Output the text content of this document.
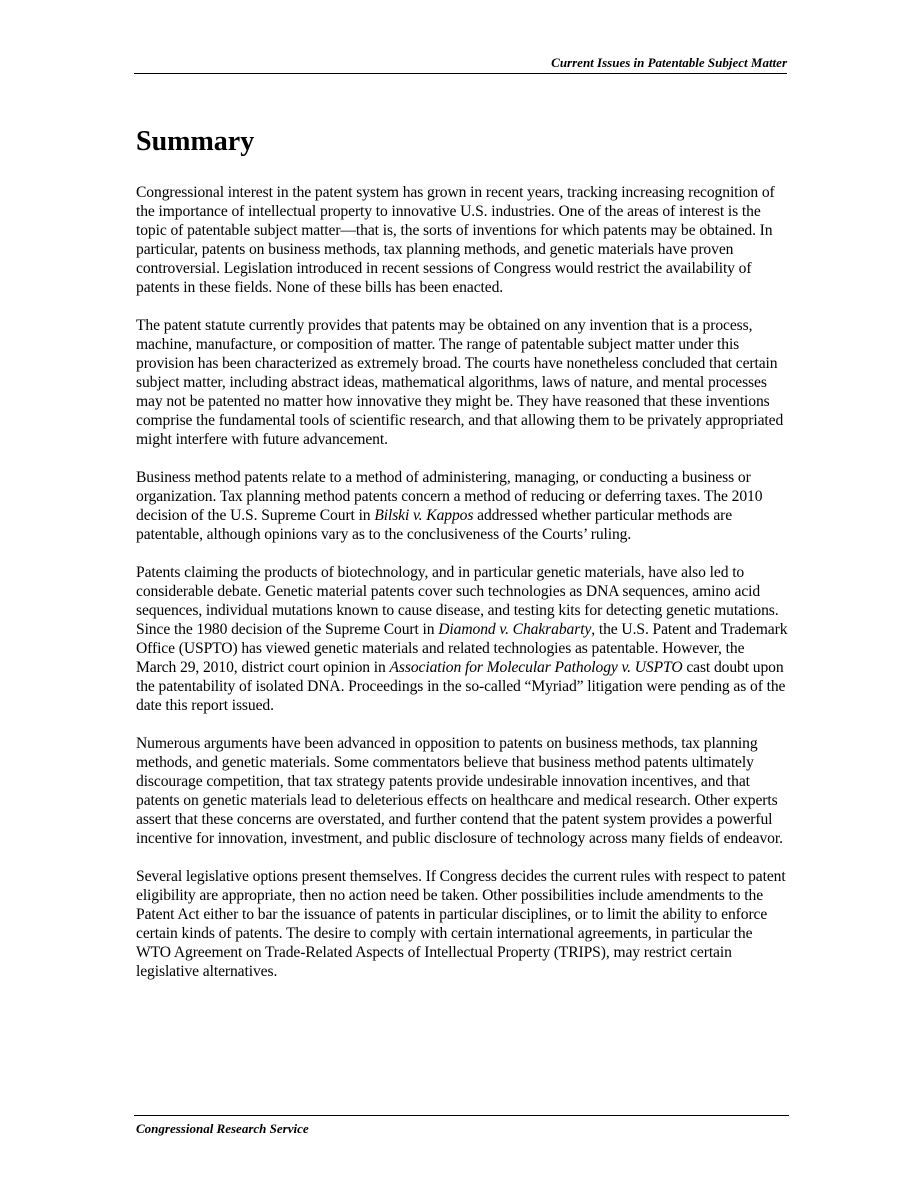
Current Issues in Patentable Subject Matter
Summary

Congressional interest in the patent system has grown in recent years, tracking increasing recognition of the importance of intellectual property to innovative U.S. industries. One of the areas of interest is the topic of patentable subject matter—that is, the sorts of inventions for which patents may be obtained. In particular, patents on business methods, tax planning methods, and genetic materials have proven controversial. Legislation introduced in recent sessions of Congress would restrict the availability of patents in these fields. None of these bills has been enacted.

The patent statute currently provides that patents may be obtained on any invention that is a process, machine, manufacture, or composition of matter. The range of patentable subject matter under this provision has been characterized as extremely broad. The courts have nonetheless concluded that certain subject matter, including abstract ideas, mathematical algorithms, laws of nature, and mental processes may not be patented no matter how innovative they might be. They have reasoned that these inventions comprise the fundamental tools of scientific research, and that allowing them to be privately appropriated might interfere with future advancement.

Business method patents relate to a method of administering, managing, or conducting a business or organization. Tax planning method patents concern a method of reducing or deferring taxes. The 2010 decision of the U.S. Supreme Court in Bilski v. Kappos addressed whether particular methods are patentable, although opinions vary as to the conclusiveness of the Courts’ ruling.

Patents claiming the products of biotechnology, and in particular genetic materials, have also led to considerable debate. Genetic material patents cover such technologies as DNA sequences, amino acid sequences, individual mutations known to cause disease, and testing kits for detecting genetic mutations. Since the 1980 decision of the Supreme Court in Diamond v. Chakrabarty, the U.S. Patent and Trademark Office (USPTO) has viewed genetic materials and related technologies as patentable. However, the March 29, 2010, district court opinion in Association for Molecular Pathology v. USPTO cast doubt upon the patentability of isolated DNA. Proceedings in the so-called “Myriad” litigation were pending as of the date this report issued.

Numerous arguments have been advanced in opposition to patents on business methods, tax planning methods, and genetic materials. Some commentators believe that business method patents ultimately discourage competition, that tax strategy patents provide undesirable innovation incentives, and that patents on genetic materials lead to deleterious effects on healthcare and medical research. Other experts assert that these concerns are overstated, and further contend that the patent system provides a powerful incentive for innovation, investment, and public disclosure of technology across many fields of endeavor.

Several legislative options present themselves. If Congress decides the current rules with respect to patent eligibility are appropriate, then no action need be taken. Other possibilities include amendments to the Patent Act either to bar the issuance of patents in particular disciplines, or to limit the ability to enforce certain kinds of patents. The desire to comply with certain international agreements, in particular the WTO Agreement on Trade-Related Aspects of Intellectual Property (TRIPS), may restrict certain legislative alternatives.

Congressional Research Service
